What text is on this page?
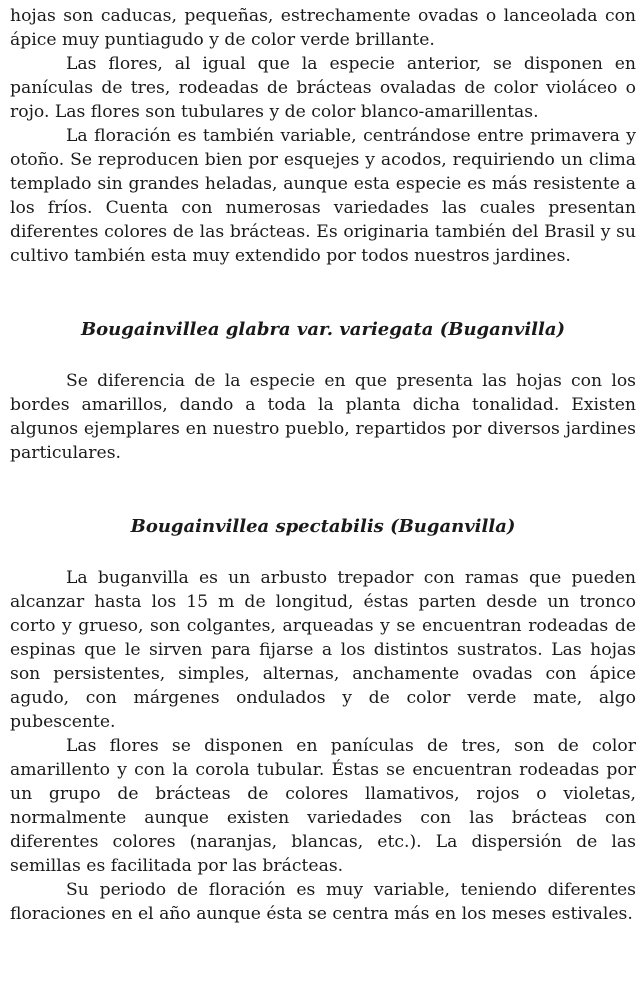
hojas son caducas, pequeñas, estrechamente ovadas o lanceolada con ápice muy puntiagudo y de color verde brillante.

Las flores, al igual que la especie anterior, se disponen en panículas de tres, rodeadas de brácteas ovaladas de color violáceo o rojo. Las flores son tubulares y de color blanco-amarillentas.

La floración es también variable, centrándose entre primavera y otoño. Se reproducen bien por esquejes y acodos, requiriendo un clima templado sin grandes heladas, aunque esta especie es más resistente a los fríos. Cuenta con numerosas variedades las cuales presentan diferentes colores de las brácteas. Es originaria también del Brasil y su cultivo también esta muy extendido por todos nuestros jardines.

Bougainvillea glabra var. variegata (Buganvilla)

Se diferencia de la especie en que presenta las hojas con los bordes amarillos, dando a toda la planta dicha tonalidad. Existen algunos ejemplares en nuestro pueblo, repartidos por diversos jardines particulares.

Bougainvillea spectabilis (Buganvilla)

La buganvilla es un arbusto trepador con ramas que pueden alcanzar hasta los 15 m de longitud, éstas parten desde un tronco corto y grueso, son colgantes, arqueadas y se encuentran rodeadas de espinas que le sirven para fijarse a los distintos sustratos. Las hojas son persistentes, simples, alternas, anchamente ovadas con ápice agudo, con márgenes ondulados y de color verde mate, algo pubescente.

Las flores se disponen en panículas de tres, son de color amarillento y con la corola tubular. Éstas se encuentran rodeadas por un grupo de brácteas de colores llamativos, rojos o violetas, normalmente aunque existen variedades con las brácteas con diferentes colores (naranjas, blancas, etc.). La dispersión de las semillas es facilitada por las brácteas.

Su periodo de floración es muy variable, teniendo diferentes floraciones en el año aunque ésta se centra más en los meses estivales.
